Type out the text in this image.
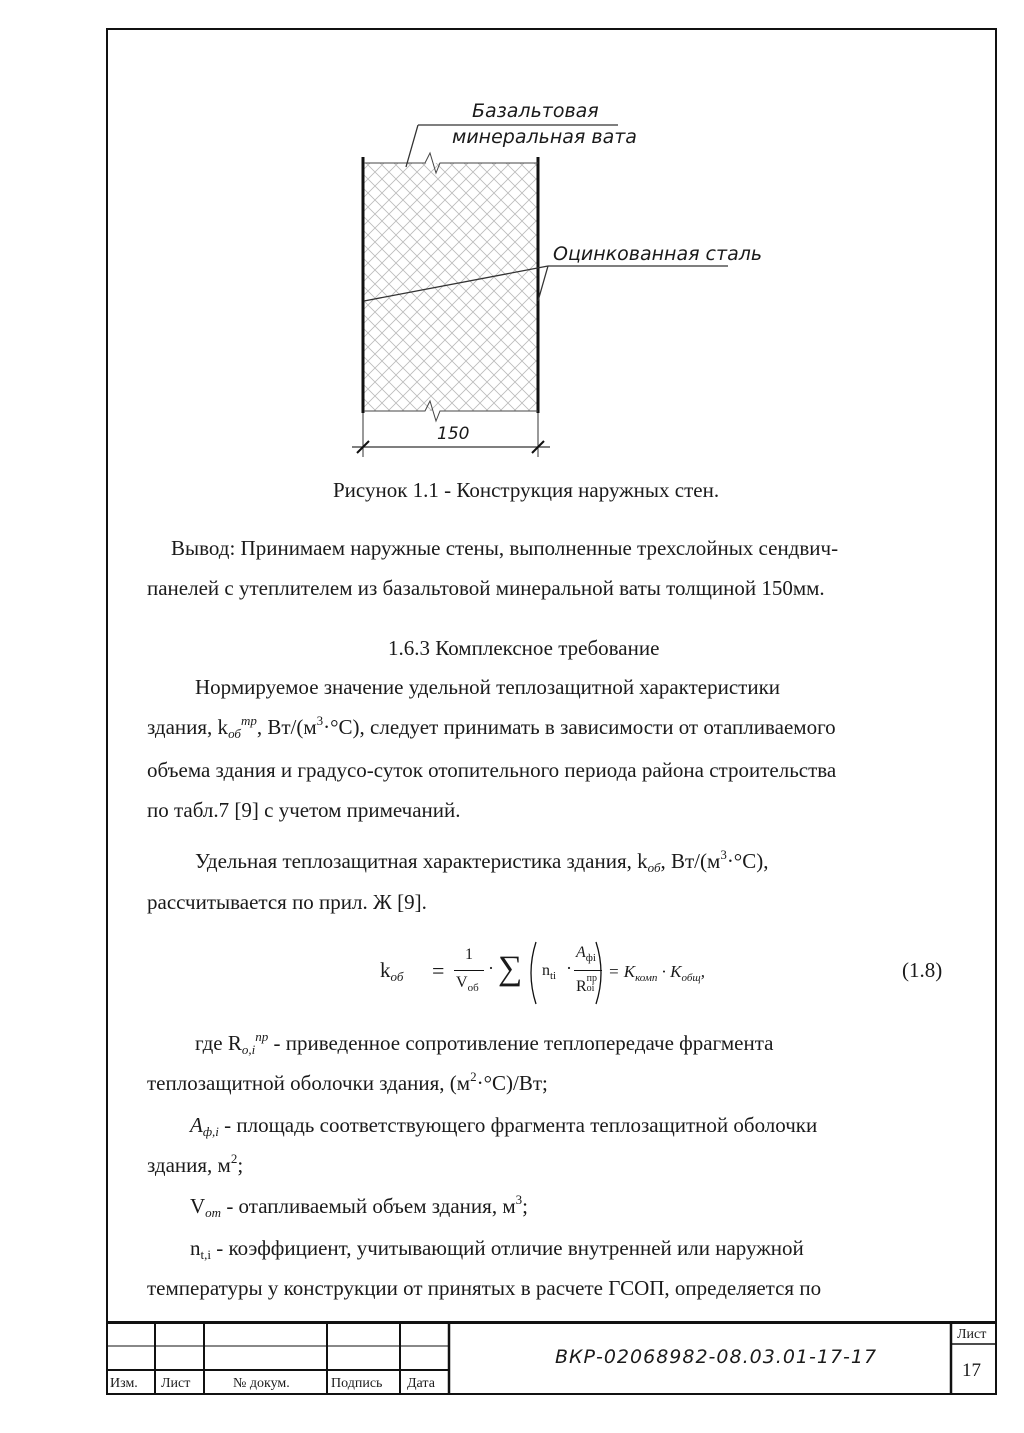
Базальтовая
минеральная вата
Оцинкованная сталь
150
Рисунок 1.1 - Конструкция наружных стен.
Вывод: Принимаем наружные стены, выполненные трехслойных сендвич-
панелей с утеплителем из базальтовой минеральной ваты толщиной 150мм.
1.6.3 Комплексное требование
Нормируемое значение удельной теплозащитной характеристики
здания, $k_{об}^{тр}$, $Вт/(м^3\cdot^\circ С)$, следует принимать в зависимости от отапливаемого
объема здания и градусо-суток отопительного периода района строительства
по табл.7 [9] с учетом примечаний.
Удельная теплозащитная характеристика здания, $k_{об}$, $Вт/(м^3\cdot^\circ С)$,
рассчитывается по прил. Ж [9].
$k_{об}$ =
1
$V_{об}$
· ∑ $n_{ti}$ ·
$A_{фi}$
Rпр
oi
= $K_{комп} \cdot K_{общ}$,	(1.8)
где $R_{o,i}^{пр}$ - приведенное сопротивление теплопередаче фрагмента
теплозащитной оболочки здания, $(м^2\cdot^\circ С)/Вт$;
$A_{ф,i}$ - площадь соответствующего фрагмента теплозащитной оболочки
здания, $м^2$;
$V_{от}$ - отапливаемый объем здания, $м^3$;
$n_{t,i}$ - коэффициент, учитывающий отличие внутренней или наружной
температуры у конструкции от принятых в расчете ГСОП, определяется по
Изм. Лист	№ докум.	Подпись Дата
ВКР-02068982-08.03.01-17-17
Лист
17
